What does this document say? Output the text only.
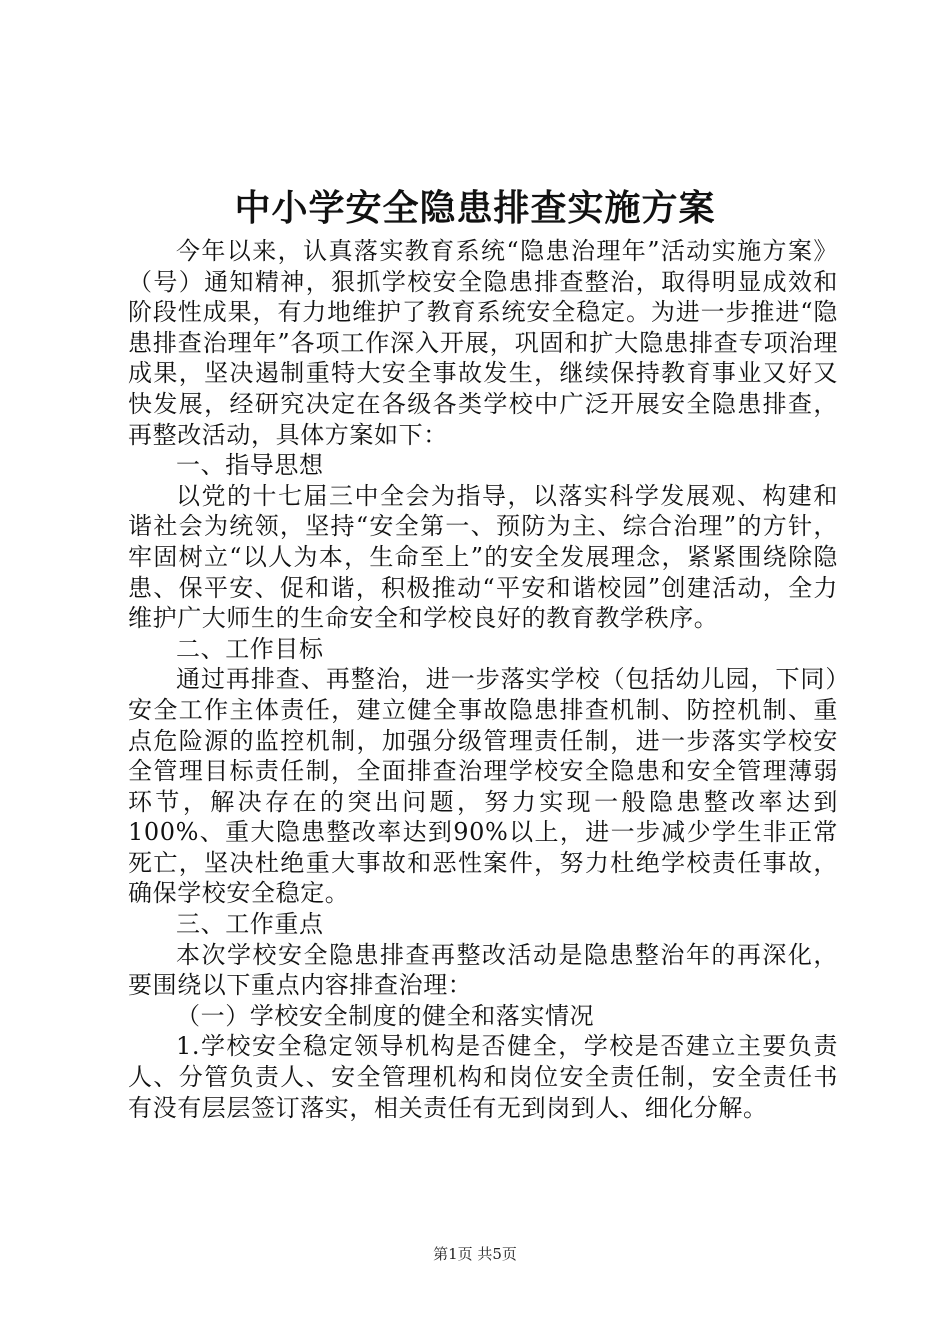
中小学安全隐患排查实施方案

今年以来，认真落实教育系统“隐患治理年”活动实施方案》（号）通知精神，狠抓学校安全隐患排查整治，取得明显成效和阶段性成果，有力地维护了教育系统安全稳定。为进一步推进“隐患排查治理年”各项工作深入开展，巩固和扩大隐患排查专项治理成果，坚决遏制重特大安全事故发生，继续保持教育事业又好又快发展，经研究决定在各级各类学校中广泛开展安全隐患排查，再整改活动，具体方案如下：

一、指导思想

以党的十七届三中全会为指导，以落实科学发展观、构建和谐社会为统领，坚持“安全第一、预防为主、综合治理”的方针，牢固树立“以人为本，生命至上”的安全发展理念，紧紧围绕除隐患、保平安、促和谐，积极推动“平安和谐校园”创建活动，全力维护广大师生的生命安全和学校良好的教育教学秩序。

二、工作目标

通过再排查、再整治，进一步落实学校（包括幼儿园，下同）安全工作主体责任，建立健全事故隐患排查机制、防控机制、重点危险源的监控机制，加强分级管理责任制，进一步落实学校安全管理目标责任制，全面排查治理学校安全隐患和安全管理薄弱环节，解决存在的突出问题，努力实现一般隐患整改率达到100%、重大隐患整改率达到90%以上，进一步减少学生非正常死亡，坚决杜绝重大事故和恶性案件，努力杜绝学校责任事故，确保学校安全稳定。

三、工作重点

本次学校安全隐患排查再整改活动是隐患整治年的再深化，要围绕以下重点内容排查治理：

（一）学校安全制度的健全和落实情况

1.学校安全稳定领导机构是否健全，学校是否建立主要负责人、分管负责人、安全管理机构和岗位安全责任制，安全责任书有没有层层签订落实，相关责任有无到岗到人、细化分解。

第1页 共5页
